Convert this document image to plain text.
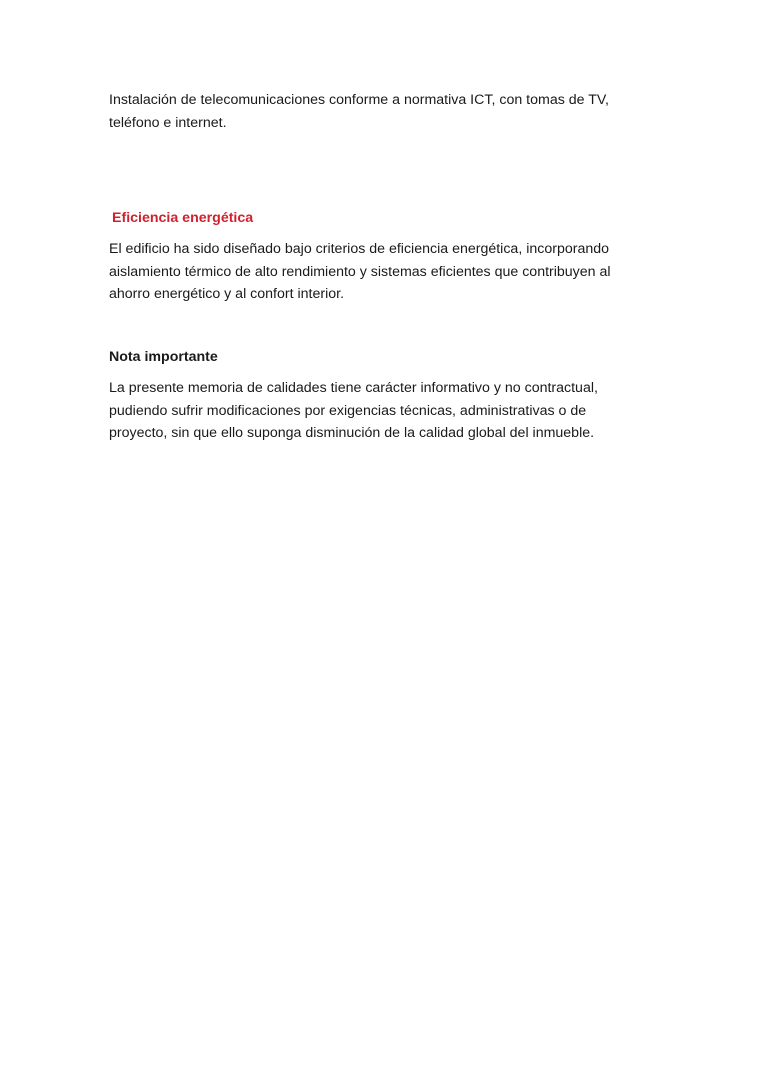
Instalación de telecomunicaciones conforme a normativa ICT, con tomas de TV,
teléfono e internet.

Eficiencia energética

El edificio ha sido diseñado bajo criterios de eficiencia energética, incorporando
aislamiento térmico de alto rendimiento y sistemas eficientes que contribuyen al
ahorro energético y al confort interior.

Nota importante

La presente memoria de calidades tiene carácter informativo y no contractual,
pudiendo sufrir modificaciones por exigencias técnicas, administrativas o de
proyecto, sin que ello suponga disminución de la calidad global del inmueble.
